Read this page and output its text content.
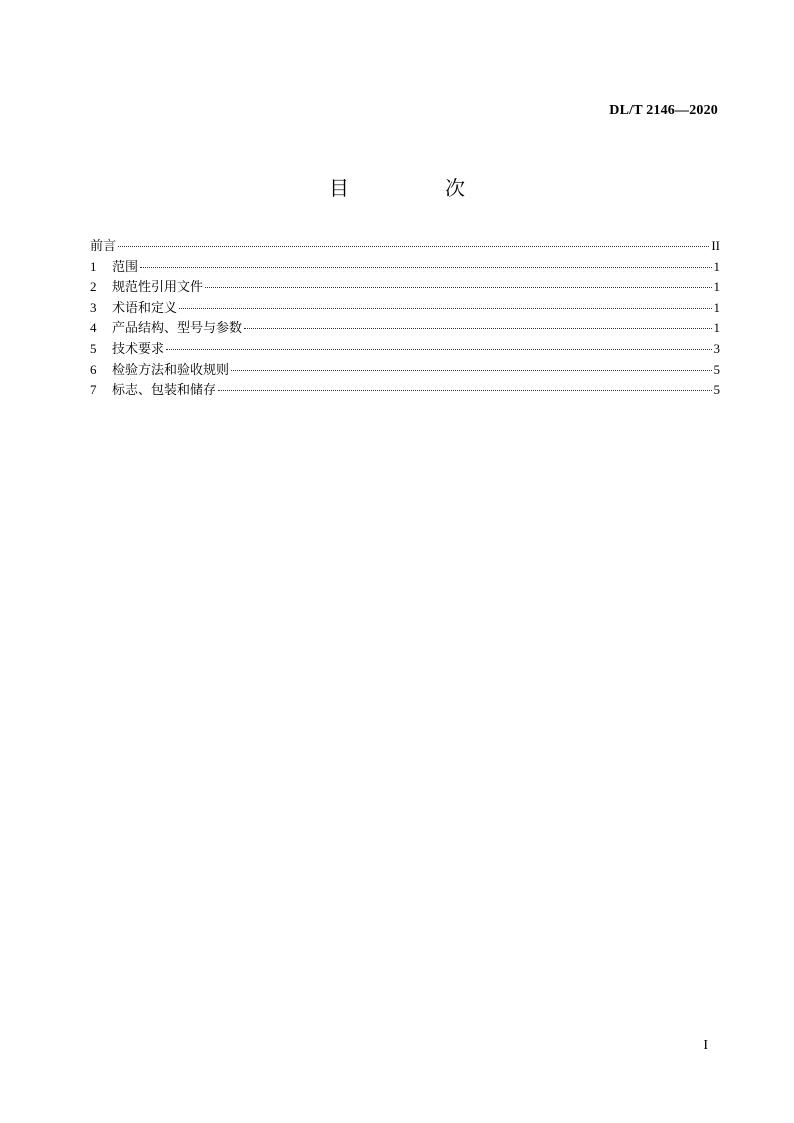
DL/T 2146—2020
目　次
前言	II
1	范围	1
2	规范性引用文件	1
3	术语和定义	1
4	产品结构、型号与参数	1
5	技术要求	3
6	检验方法和验收规则	5
7	标志、包装和储存	5
I
